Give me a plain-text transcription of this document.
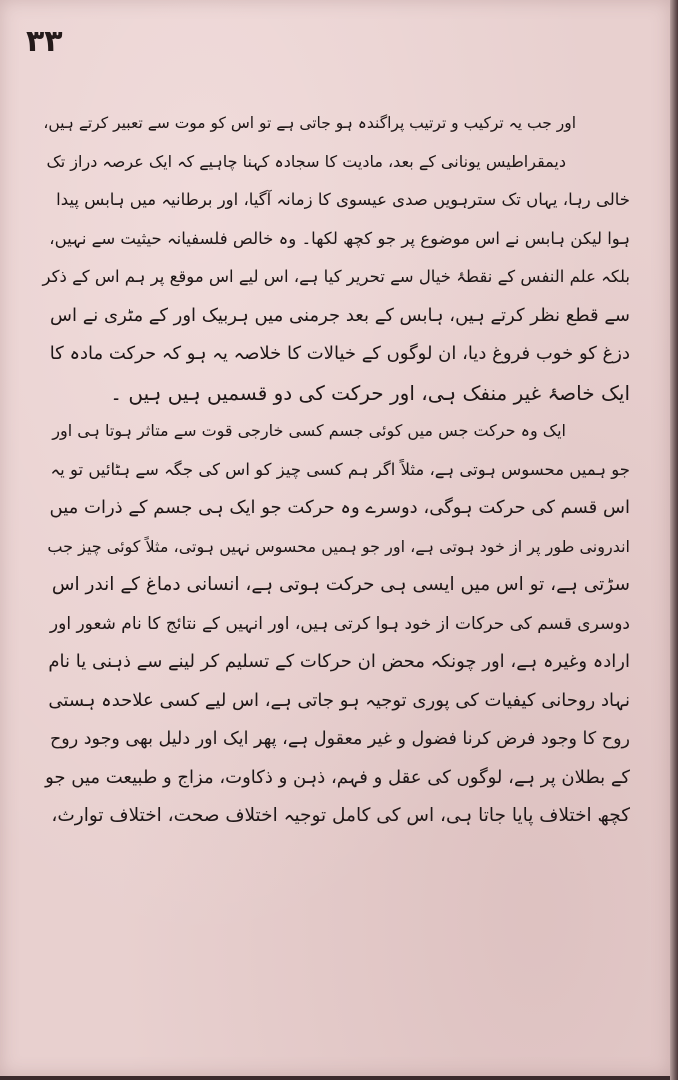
۳۳
اور جب یہ ترکیب و ترتیب پراگندہ ہو جاتی ہے تو اس کو موت سے تعبیر کرتے ہیں،
دیمقراطیس یونانی کے بعد، مادیت کا سجادہ کہنا چاہیے کہ ایک عرصہ دراز تک
خالی رہا، یہاں تک سترہویں صدی عیسوی کا زمانہ آگیا، اور برطانیہ میں ہابس پیدا
ہوا لیکن ہابس نے اس موضوع پر جو کچھ لکھا۔ وہ خالص فلسفیانہ حیثیت سے نہیں،
بلکہ علم النفس کے نقطۂ خیال سے تحریر کیا ہے، اس لیے اس موقع پر ہم اس کے ذکر
سے قطع نظر کرتے ہیں، ہابس کے بعد جرمنی میں ہربیک اور کے مٹری نے اس
دزغ کو خوب فروغ دیا، ان لوگوں کے خیالات کا خلاصہ یہ ہو کہ حرکت مادہ کا
ایک خاصۂ غیر منفک ہی، اور حرکت کی دو قسمیں ہیں ہیں ۔
ایک وہ حرکت جس میں کوئی جسم کسی خارجی قوت سے متاثر ہوتا ہی اور
جو ہمیں محسوس ہوتی ہے، مثلاً اگر ہم کسی چیز کو اس کی جگہ سے ہٹائیں تو یہ
اس قسم کی حرکت ہوگی، دوسرے وہ حرکت جو ایک ہی جسم کے ذرات میں
اندرونی طور پر از خود ہوتی ہے، اور جو ہمیں محسوس نہیں ہوتی، مثلاً کوئی چیز جب
سڑتی ہے، تو اس میں ایسی ہی حرکت ہوتی ہے، انسانی دماغ کے اندر اس
دوسری قسم کی حرکات از خود ہوا کرتی ہیں، اور انہیں کے نتائج کا نام شعور اور
ارادہ وغیرہ ہے، اور چونکہ محض ان حرکات کے تسلیم کر لینے سے ذہنی یا نام
نہاد روحانی کیفیات کی پوری توجیہ ہو جاتی ہے، اس لیے کسی علاحدہ ہستی
روح کا وجود فرض کرنا فضول و غیر معقول ہے، پھر ایک اور دلیل بھی وجود روح
کے بطلان پر ہے، لوگوں کی عقل و فہم، ذہن و ذکاوت، مزاج و طبیعت میں جو
کچھ اختلاف پایا جاتا ہی، اس کی کامل توجیہ اختلاف صحت، اختلاف توارث،
